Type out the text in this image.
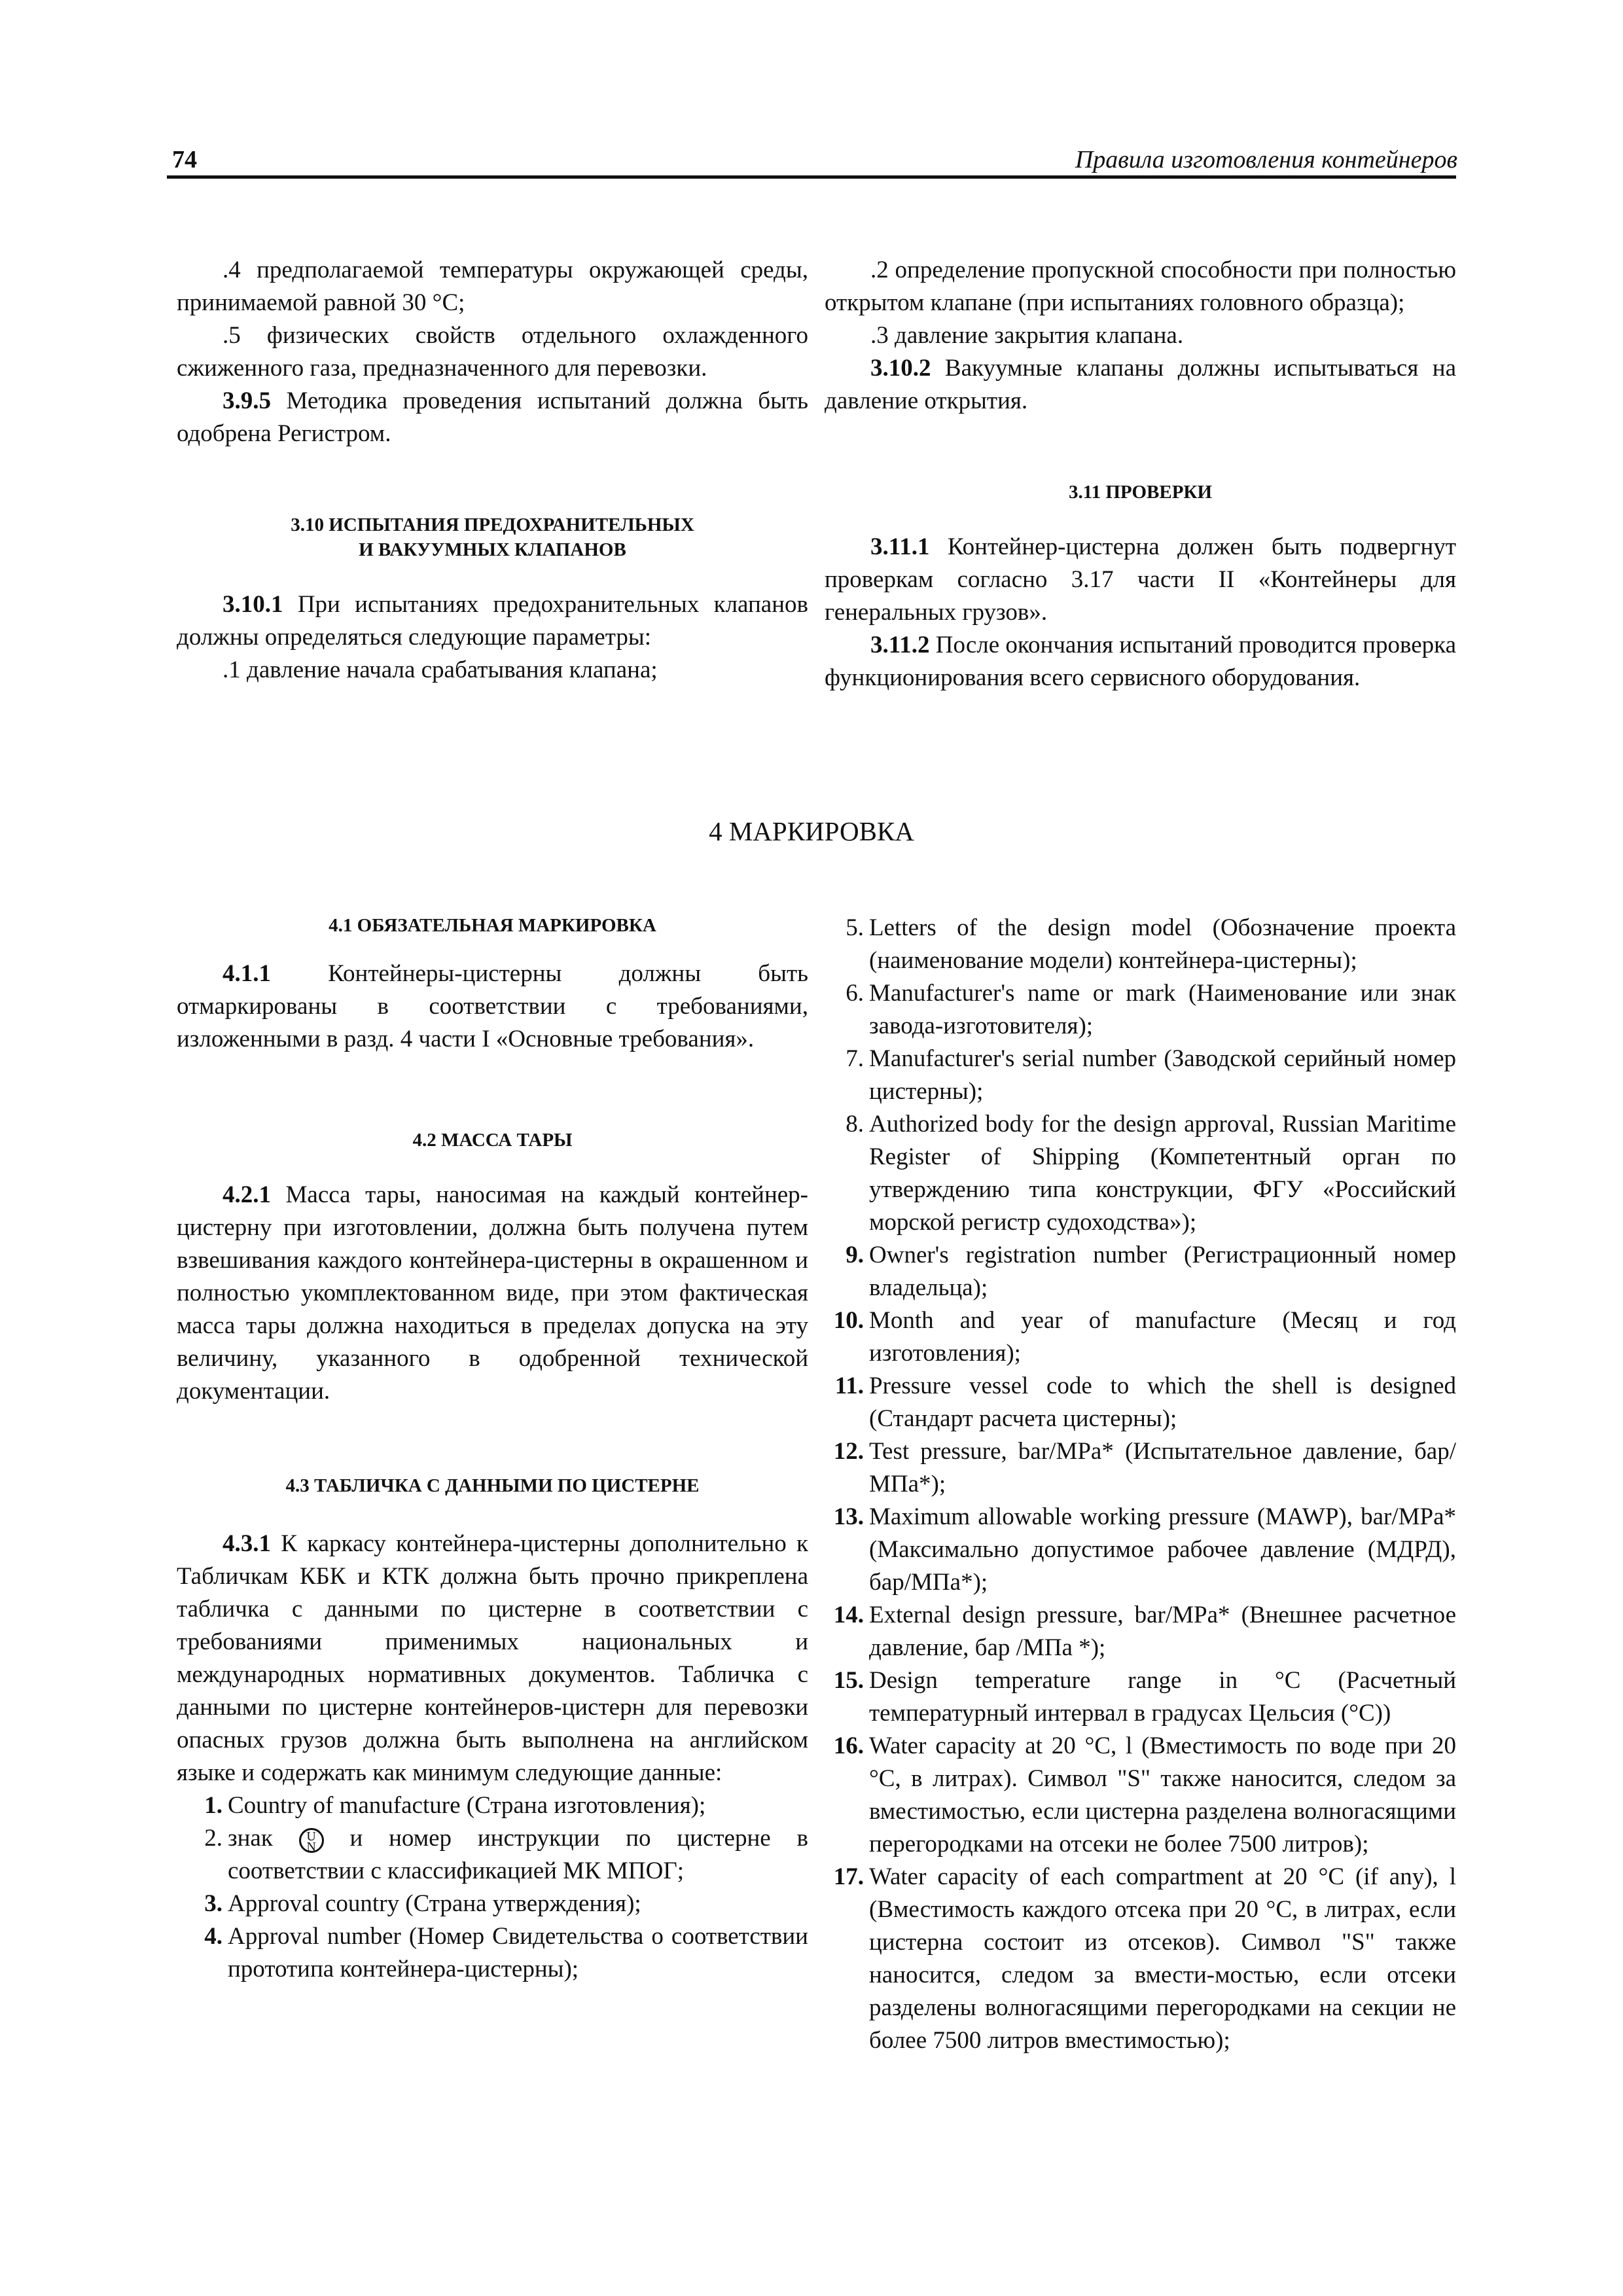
74	Правила изготовления контейнеров

.4 предполагаемой температуры окружающей среды, принимаемой равной 30 °С;

.5 физических свойств отдельного охлажденного сжиженного газа, предназначенного для перевозки.

3.9.5 Методика проведения испытаний должна быть одобрена Регистром.

3.10 ИСПЫТАНИЯ ПРЕДОХРАНИТЕЛЬНЫХ

И ВАКУУМНЫХ КЛАПАНОВ

3.10.1 При испытаниях предохранительных клапанов должны определяться следующие параметры:

.1 давление начала срабатывания клапана;

.2 определение пропускной способности при полностью открытом клапане (при испытаниях головного образца);

.3 давление закрытия клапана.

3.10.2 Вакуумные клапаны должны испытываться на давление открытия.

3.11 ПРОВЕРКИ

3.11.1 Контейнер-цистерна должен быть подвергнут проверкам согласно 3.17 части II «Контейнеры для генеральных грузов».

3.11.2 После окончания испытаний проводится проверка функционирования всего сервисного оборудования.

4 МАРКИРОВКА

4.1 ОБЯЗАТЕЛЬНАЯ МАРКИРОВКА

4.1.1 Контейнеры-цистерны должны быть отмаркированы в соответствии с требованиями, изложенными в разд. 4 части I «Основные требования».

4.2 МАССА ТАРЫ

4.2.1 Масса тары, наносимая на каждый контейнер-цистерну при изготовлении, должна быть получена путем взвешивания каждого контейнера-цистерны в окрашенном и полностью укомплектованном виде, при этом фактическая масса тары должна находиться в пределах допуска на эту величину, указанного в одобренной технической документации.

4.3 ТАБЛИЧКА С ДАННЫМИ ПО ЦИСТЕРНЕ

4.3.1 К каркасу контейнера-цистерны дополнительно к Табличкам КБК и КТК должна быть прочно прикреплена табличка с данными по цистерне в соответствии с требованиями применимых национальных и международных нормативных документов. Табличка с данными по цистерне контейнеров-цистерн для перевозки опасных грузов должна быть выполнена на английском языке и содержать как минимум следующие данные:

1. Country of manufacture (Страна изготовления);
2. знак U
N и номер инструкции по цистерне в соответствии с классификацией МК МПОГ;
3. Approval country (Страна утверждения);
4. Approval number (Номер Свидетельства о соответствии прототипа контейнера-цистерны);
5. Letters of the design model (Обозначение проекта (наименование модели) контейнера-цистерны);
6. Manufacturer's name or mark (Наименование или знак завода-изготовителя);
7. Manufacturer's serial number (Заводской серийный номер цистерны);
8. Authorized body for the design approval, Russian Maritime Register of Shipping (Компетентный орган по утверждению типа конструкции, ФГУ «Российский морской регистр судоходства»);
9. Owner's registration number (Регистрационный номер владельца);
10. Month and year of manufacture (Месяц и год изготовления);
11. Pressure vessel code to which the shell is designed (Стандарт расчета цистерны);
12. Test pressure, bar/MPa* (Испытательное давление, бар/МПа*);
13. Maximum allowable working pressure (MAWP), bar/MPa* (Максимально допустимое рабочее давление (МДРД), бар/МПа*);
14. External design pressure, bar/MPa* (Внешнее расчетное давление, бар /МПа *);
15. Design temperature range in °C (Расчетный температурный интервал в градусах Цельсия (°С))
16. Water capacity at 20 °C, l (Вместимость по воде при 20 °С, в литрах). Символ "S" также наносится, следом за вместимостью, если цистерна разделена волногасящими перегородками на отсеки не более 7500 литров);
17. Water capacity of each compartment at 20 °C (if any), l (Вместимость каждого отсека при 20 °С, в литрах, если цистерна состоит из отсеков). Символ "S" также наносится, следом за вмести-мостью, если отсеки разделены волногасящими перегородками на секции не более 7500 литров вместимостью);
